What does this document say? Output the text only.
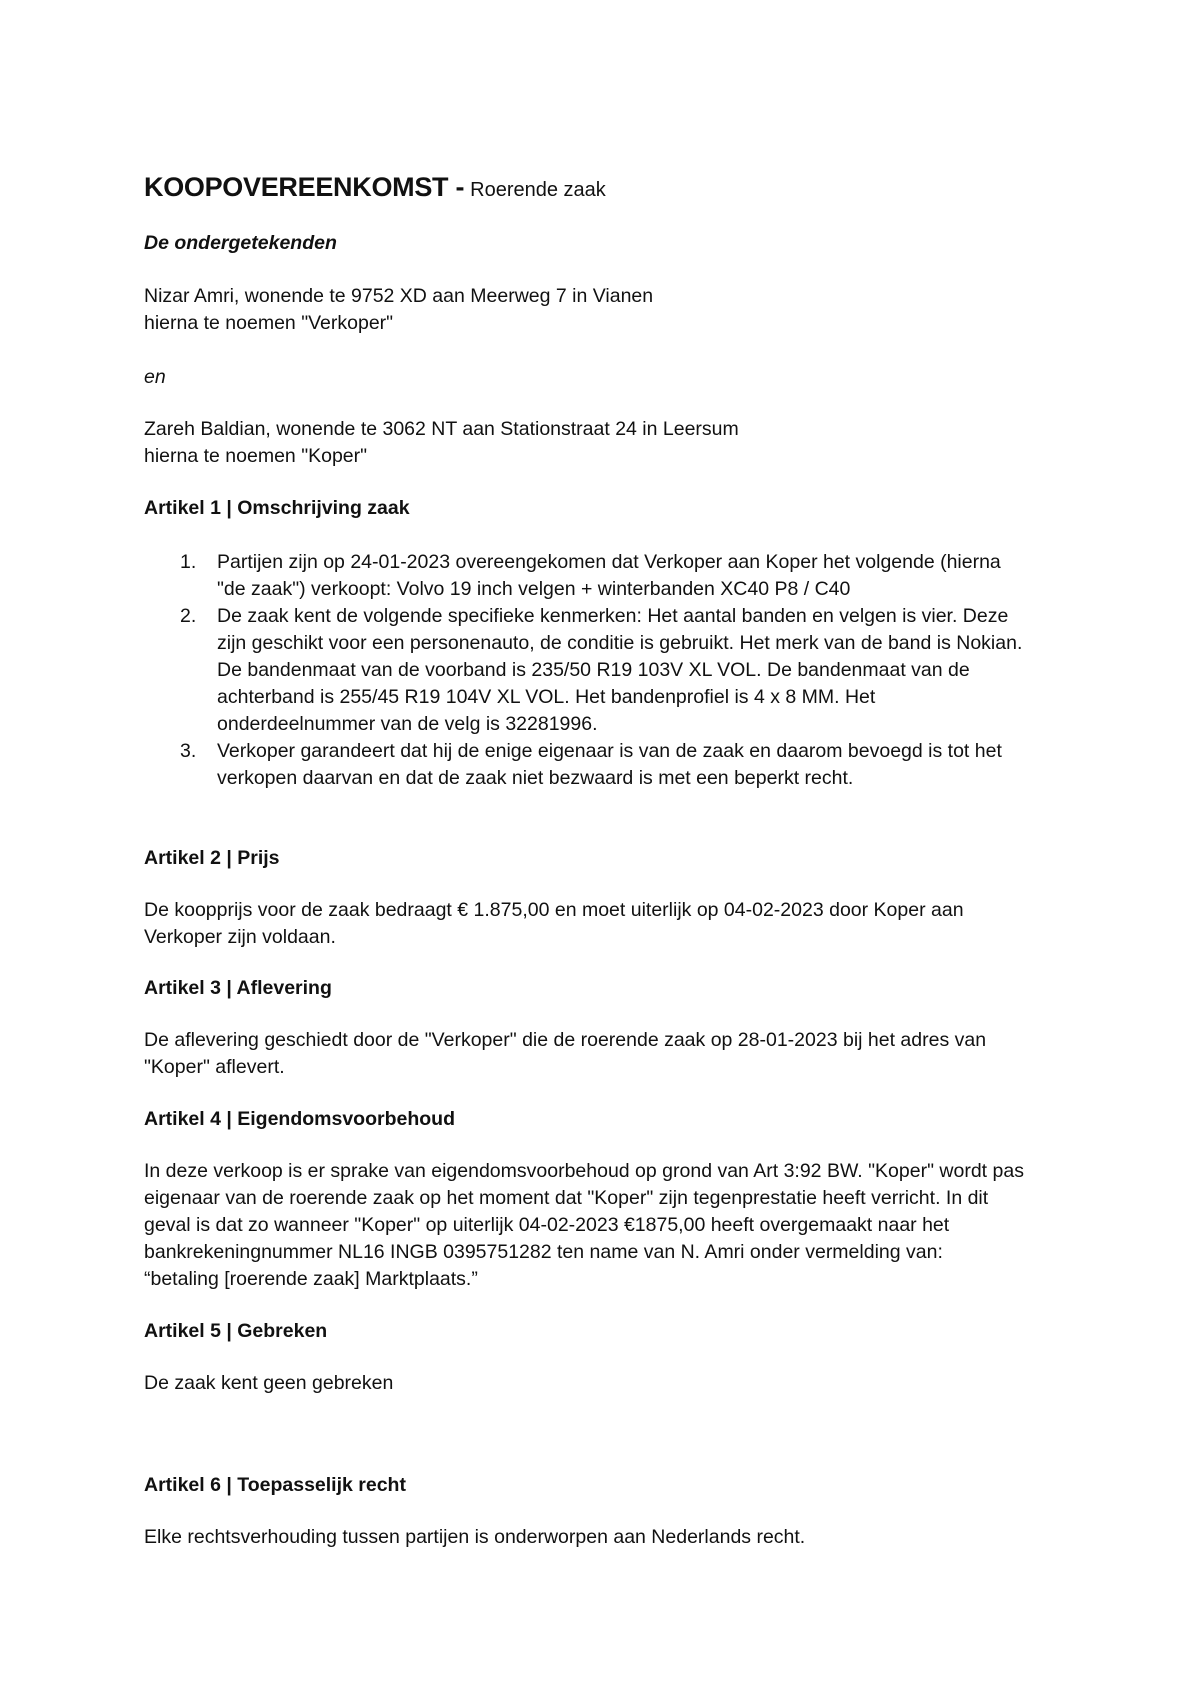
KOOPOVEREENKOMST - Roerende zaak

De ondergetekenden

Nizar Amri, wonende te 9752 XD aan Meerweg 7 in Vianen

hierna te noemen "Verkoper"

en

Zareh Baldian, wonende te 3062 NT aan Stationstraat 24 in Leersum

hierna te noemen "Koper"

Artikel 1 | Omschrijving zaak

1. Partijen zijn op 24-01-2023 overeengekomen dat Verkoper aan Koper het volgende (hierna

"de zaak") verkoopt: Volvo 19 inch velgen + winterbanden XC40 P8 / C40

2. De zaak kent de volgende specifieke kenmerken: Het aantal banden en velgen is vier. Deze

zijn geschikt voor een personenauto, de conditie is gebruikt. Het merk van de band is Nokian.

De bandenmaat van de voorband is 235/50 R19 103V XL VOL. De bandenmaat van de

achterband is 255/45 R19 104V XL VOL. Het bandenprofiel is 4 x 8 MM. Het

onderdeelnummer van de velg is 32281996.

3. Verkoper garandeert dat hij de enige eigenaar is van de zaak en daarom bevoegd is tot het

verkopen daarvan en dat de zaak niet bezwaard is met een beperkt recht.

Artikel 2 | Prijs

De koopprijs voor de zaak bedraagt € 1.875,00 en moet uiterlijk op 04-02-2023 door Koper aan

Verkoper zijn voldaan.

Artikel 3 | Aflevering

De aflevering geschiedt door de "Verkoper" die de roerende zaak op 28-01-2023 bij het adres van

"Koper" aflevert.

Artikel 4 | Eigendomsvoorbehoud

In deze verkoop is er sprake van eigendomsvoorbehoud op grond van Art 3:92 BW. "Koper" wordt pas

eigenaar van de roerende zaak op het moment dat "Koper" zijn tegenprestatie heeft verricht. In dit

geval is dat zo wanneer "Koper" op uiterlijk 04-02-2023 €1875,00 heeft overgemaakt naar het

bankrekeningnummer NL16 INGB 0395751282 ten name van N. Amri onder vermelding van:

“betaling [roerende zaak] Marktplaats.”

Artikel 5 | Gebreken

De zaak kent geen gebreken

Artikel 6 | Toepasselijk recht

Elke rechtsverhouding tussen partijen is onderworpen aan Nederlands recht.
